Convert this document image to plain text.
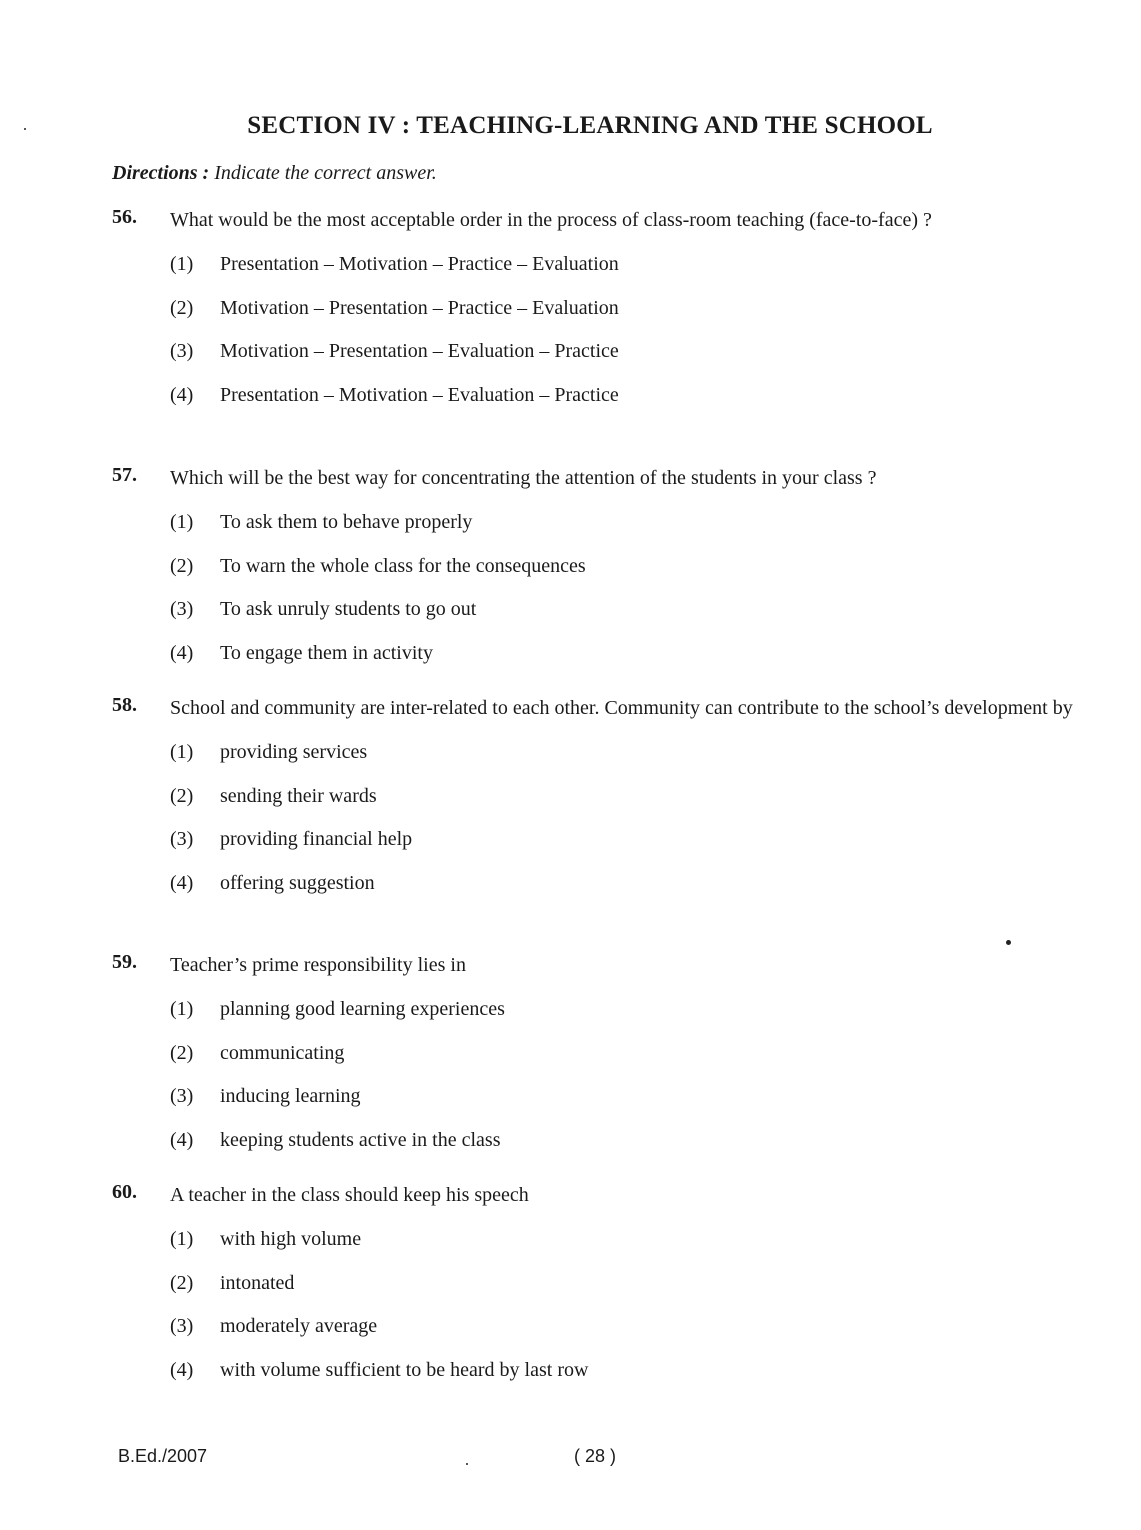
SECTION IV : TEACHING-LEARNING AND THE SCHOOL
Directions : Indicate the correct answer.
56.	What would be the most acceptable order in the process of class-room teaching (face-to-face) ?
(1) Presentation – Motivation – Practice – Evaluation
(2) Motivation – Presentation – Practice – Evaluation
(3) Motivation – Presentation – Evaluation – Practice
(4) Presentation – Motivation – Evaluation – Practice
57.	Which will be the best way for concentrating the attention of the students in your class ?
(1) To ask them to behave properly
(2) To warn the whole class for the consequences
(3) To ask unruly students to go out
(4) To engage them in activity
58.	School and community are inter-related to each other. Community can contribute to the school’s development by
(1) providing services
(2) sending their wards
(3) providing financial help
(4) offering suggestion
59.	Teacher’s prime responsibility lies in
(1) planning good learning experiences
(2) communicating
(3) inducing learning
(4) keeping students active in the class
60.	A teacher in the class should keep his speech
(1) with high volume
(2) intonated
(3) moderately average
(4) with volume sufficient to be heard by last row
B.Ed./2007	( 28 )
